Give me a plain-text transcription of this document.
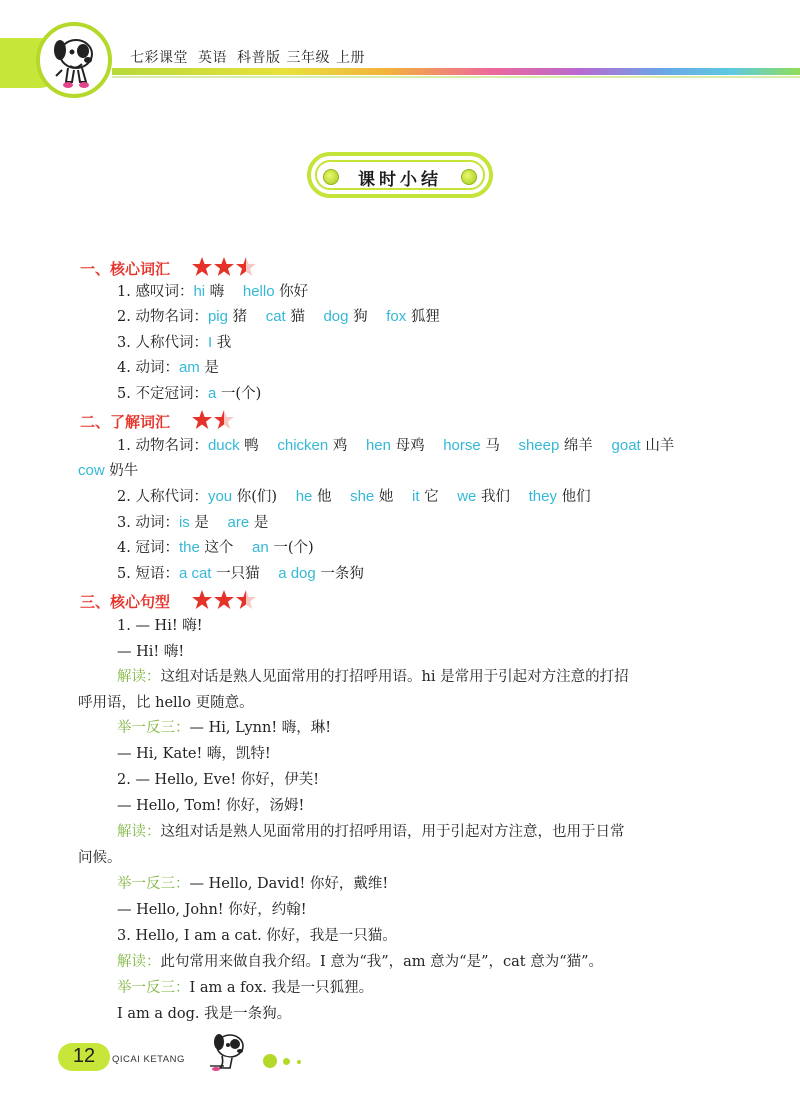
七彩课堂 英语 科普版 三年级 上册
课时小结
一、核心词汇
1. 感叹词：hi 嗨 hello 你好
2. 动物名词：pig 猪 cat 猫 dog 狗 fox 狐狸
3. 人称代词：I 我
4. 动词：am 是
5. 不定冠词：a 一(个)
二、了解词汇
1. 动物名词：duck 鸭 chicken 鸡 hen 母鸡 horse 马 sheep 绵羊 goat 山羊
cow 奶牛
2. 人称代词：you 你(们) he 他 she 她 it 它 we 我们 they 他们
3. 动词：is 是 are 是
4. 冠词：the 这个 an 一(个)
5. 短语：a cat 一只猫 a dog 一条狗
三、核心句型
1. — Hi! 嗨!
— Hi! 嗨!
解读：这组对话是熟人见面常用的打招呼用语。hi 是常用于引起对方注意的打招
呼用语，比 hello 更随意。
举一反三：— Hi, Lynn! 嗨，琳!
— Hi, Kate! 嗨，凯特!
2. — Hello, Eve! 你好，伊芙!
— Hello, Tom! 你好，汤姆!
解读：这组对话是熟人见面常用的打招呼用语，用于引起对方注意，也用于日常
问候。
举一反三：— Hello, David! 你好，戴维!
— Hello, John! 你好，约翰!
3. Hello, I am a cat. 你好，我是一只猫。
解读：此句常用来做自我介绍。I 意为“我”，am 意为“是”，cat 意为“猫”。
举一反三：I am a fox. 我是一只狐狸。
I am a dog. 我是一条狗。
12	QICAI KETANG
